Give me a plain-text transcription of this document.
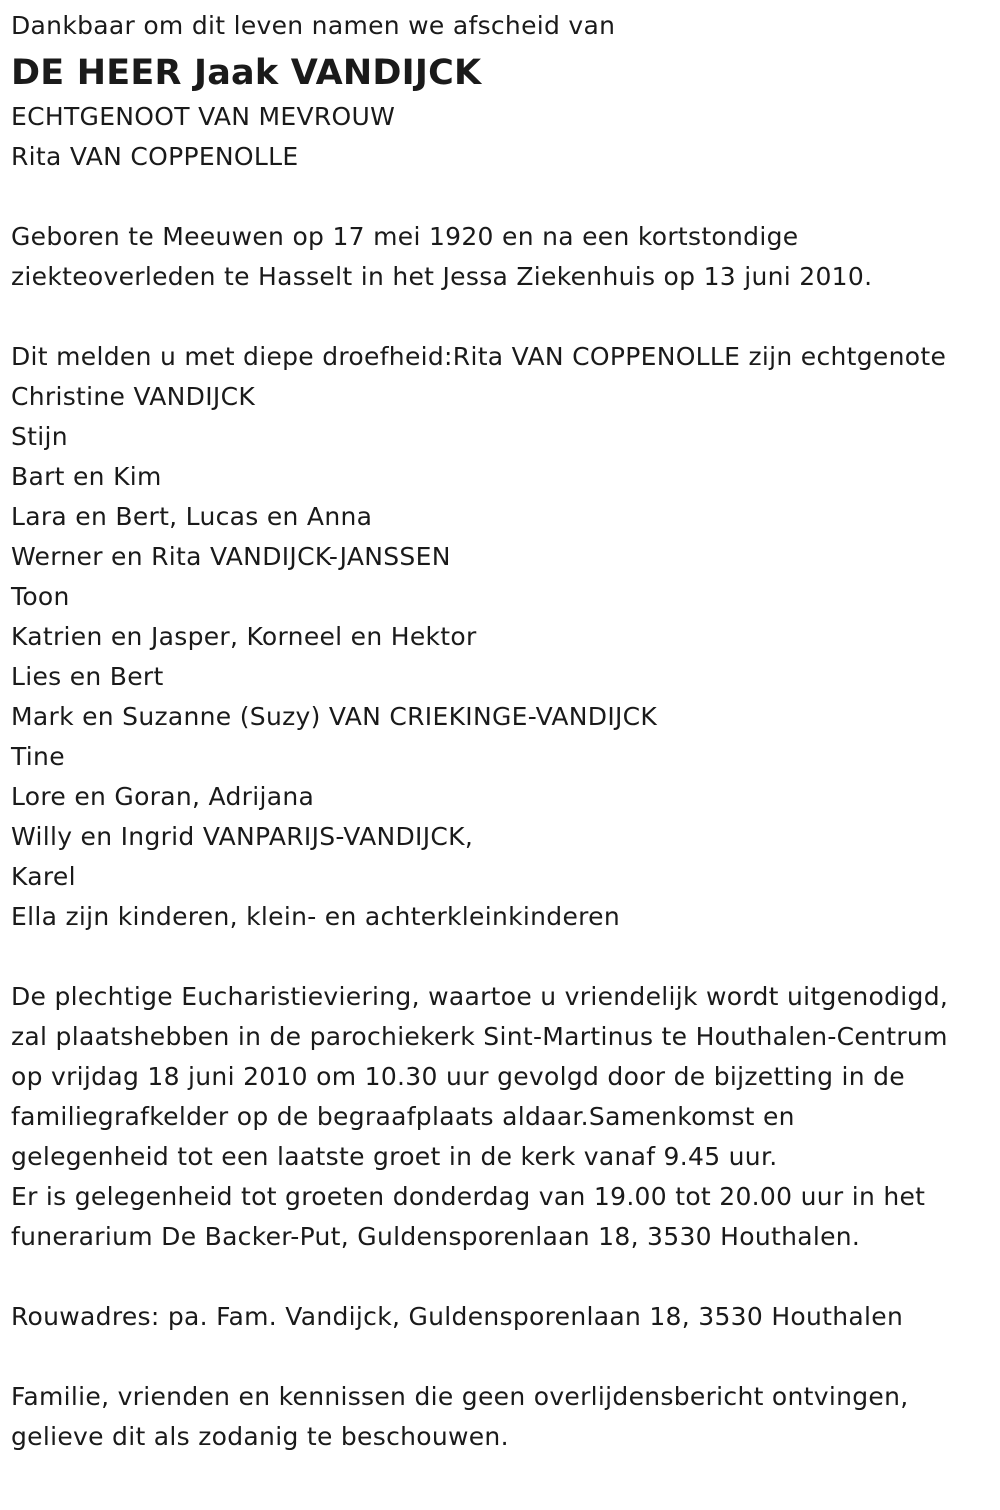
Dankbaar om dit leven namen we afscheid van
DE HEER Jaak VANDIJCK
ECHTGENOOT VAN MEVROUW
Rita VAN COPPENOLLE
Geboren te Meeuwen op 17 mei 1920 en na een kortstondige
ziekteoverleden te Hasselt in het Jessa Ziekenhuis op 13 juni 2010.
Dit melden u met diepe droefheid:Rita VAN COPPENOLLE zijn echtgenote
Christine VANDIJCK
Stijn
Bart en Kim
Lara en Bert, Lucas en Anna
Werner en Rita VANDIJCK-JANSSEN
Toon
Katrien en Jasper, Korneel en Hektor
Lies en Bert
Mark en Suzanne (Suzy) VAN CRIEKINGE-VANDIJCK
Tine
Lore en Goran, Adrijana
Willy en Ingrid VANPARIJS-VANDIJCK,
Karel
Ella zijn kinderen, klein- en achterkleinkinderen
De plechtige Eucharistieviering, waartoe u vriendelijk wordt uitgenodigd,
zal plaatshebben in de parochiekerk Sint-Martinus te Houthalen-Centrum
op vrijdag 18 juni 2010 om 10.30 uur gevolgd door de bijzetting in de
familiegrafkelder op de begraafplaats aldaar.Samenkomst en
gelegenheid tot een laatste groet in de kerk vanaf 9.45 uur.
Er is gelegenheid tot groeten donderdag van 19.00 tot 20.00 uur in het
funerarium De Backer-Put, Guldensporenlaan 18, 3530 Houthalen.
Rouwadres: pa. Fam. Vandijck, Guldensporenlaan 18, 3530 Houthalen
Familie, vrienden en kennissen die geen overlijdensbericht ontvingen,
gelieve dit als zodanig te beschouwen.
